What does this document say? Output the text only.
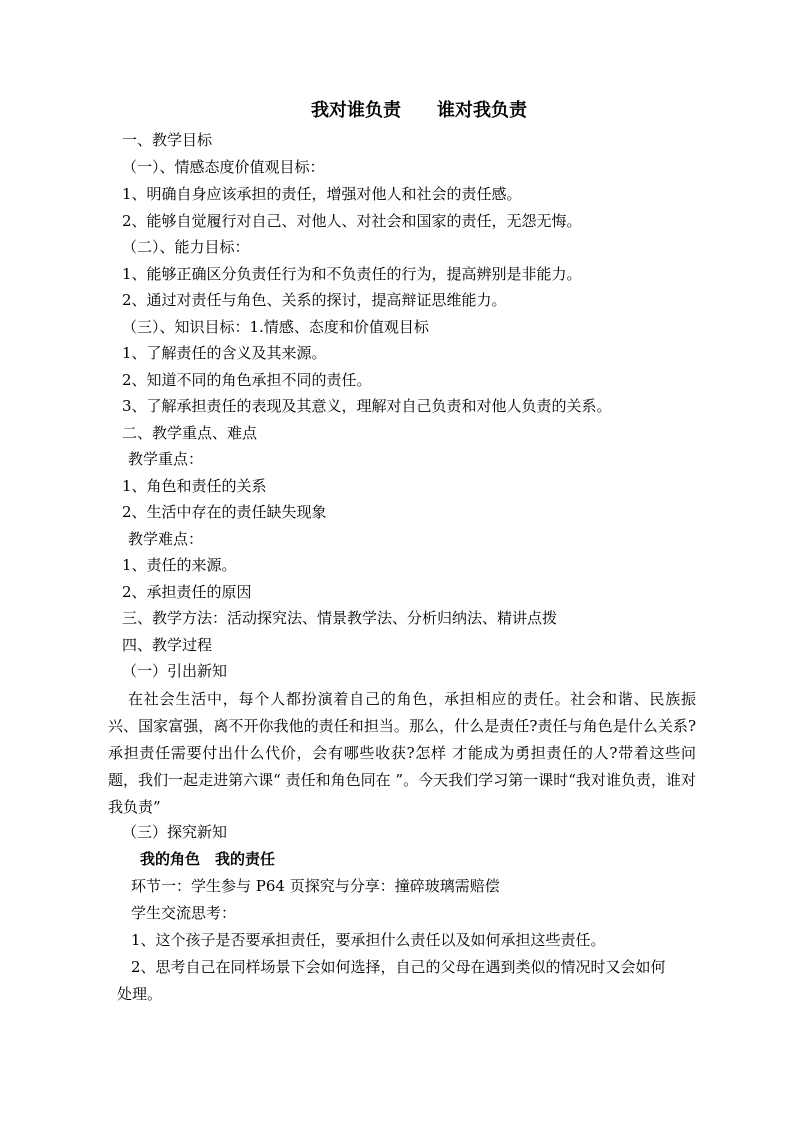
我对谁负责　　谁对我负责
一、教学目标
（一）、情感态度价值观目标：
1、明确自身应该承担的责任，增强对他人和社会的责任感。
2、能够自觉履行对自己、对他人、对社会和国家的责任，无怨无悔。
（二）、能力目标：
1、能够正确区分负责任行为和不负责任的行为，提高辨别是非能力。
2、通过对责任与角色、关系的探讨，提高辩证思维能力。
（三）、知识目标：1.情感、态度和价值观目标
1、了解责任的含义及其来源。
2、知道不同的角色承担不同的责任。
3、了解承担责任的表现及其意义，理解对自己负责和对他人负责的关系。
二、教学重点、难点
教学重点：
1、角色和责任的关系
2、生活中存在的责任缺失现象
教学难点：
1、责任的来源。
2、承担责任的原因
三、教学方法：活动探究法、情景教学法、分析归纳法、精讲点拨
四、教学过程
（一）引出新知
在社会生活中，每个人都扮演着自己的角色，承担相应的责任。社会和谐、民族振兴、国家富强，离不开你我他的责任和担当。那么，什么是责任?责任与角色是什么关系?承担责任需要付出什么代价，会有哪些收获?怎样 才能成为勇担责任的人?带着这些问题，我们一起走进第六课“ 责任和角色同在 ”。今天我们学习第一课时“我对谁负责，谁对我负责”
（三）探究新知
我的角色　我的责任
环节一：学生参与 P64 页探究与分享：撞碎玻璃需赔偿
学生交流思考：
1、这个孩子是否要承担责任，要承担什么责任以及如何承担这些责任。
2、思考自己在同样场景下会如何选择，自己的父母在遇到类似的情况时又会如何
处理。
